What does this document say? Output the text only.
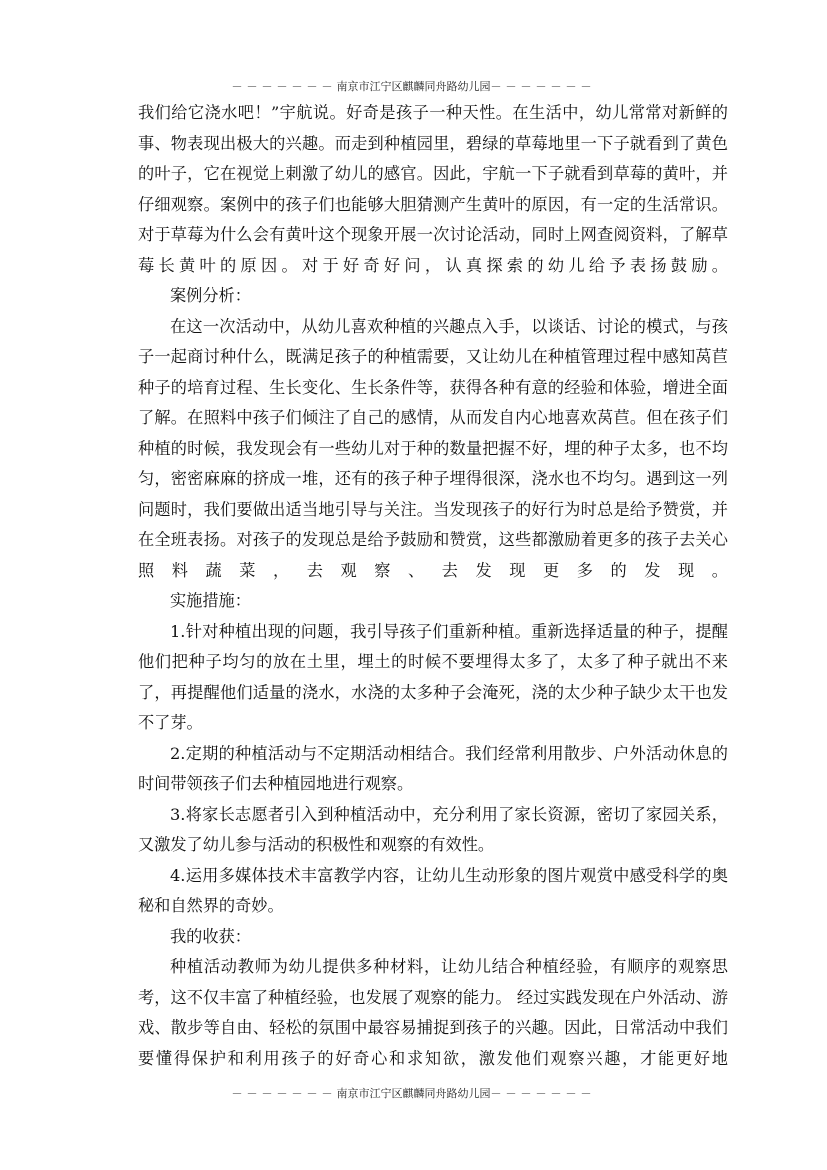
－－－－－－－南京市江宁区麒麟同舟路幼儿园－－－－－－－

我们给它浇水吧！”宇航说。好奇是孩子一种天性。在生活中，幼儿常常对新鲜的事、物表现出极大的兴趣。而走到种植园里，碧绿的草莓地里一下子就看到了黄色的叶子，它在视觉上刺激了幼儿的感官。因此，宇航一下子就看到草莓的黄叶，并仔细观察。案例中的孩子们也能够大胆猜测产生黄叶的原因，有一定的生活常识。对于草莓为什么会有黄叶这个现象开展一次讨论活动，同时上网查阅资料，了解草莓长黄叶的原因。对于好奇好问，认真探索的幼儿给予表扬鼓励。

案例分析：

在这一次活动中，从幼儿喜欢种植的兴趣点入手，以谈话、讨论的模式，与孩子一起商讨种什么，既满足孩子的种植需要，又让幼儿在种植管理过程中感知莴苣种子的培育过程、生长变化、生长条件等，获得各种有意的经验和体验，增进全面了解。在照料中孩子们倾注了自己的感情，从而发自内心地喜欢莴苣。但在孩子们种植的时候，我发现会有一些幼儿对于种的数量把握不好，埋的种子太多，也不均匀，密密麻麻的挤成一堆，还有的孩子种子埋得很深，浇水也不均匀。遇到这一列问题时，我们要做出适当地引导与关注。当发现孩子的好行为时总是给予赞赏，并在全班表扬。对孩子的发现总是给予鼓励和赞赏，这些都激励着更多的孩子去关心照料蔬菜，去观察、去发现更多的发现。

实施措施：

1.针对种植出现的问题，我引导孩子们重新种植。重新选择适量的种子，提醒他们把种子均匀的放在土里，埋土的时候不要埋得太多了，太多了种子就出不来了，再提醒他们适量的浇水，水浇的太多种子会淹死，浇的太少种子缺少太干也发不了芽。

2.定期的种植活动与不定期活动相结合。我们经常利用散步、户外活动休息的时间带领孩子们去种植园地进行观察。

3.将家长志愿者引入到种植活动中，充分利用了家长资源，密切了家园关系，又激发了幼儿参与活动的积极性和观察的有效性。

4.运用多媒体技术丰富教学内容，让幼儿生动形象的图片观赏中感受科学的奥秘和自然界的奇妙。

我的收获：

种植活动教师为幼儿提供多种材料，让幼儿结合种植经验，有顺序的观察思考，这不仅丰富了种植经验，也发展了观察的能力。 经过实践发现在户外活动、游戏、散步等自由、轻松的氛围中最容易捕捉到孩子的兴趣。因此，日常活动中我们要懂得保护和利用孩子的好奇心和求知欲，激发他们观察兴趣，才能更好地

－－－－－－－南京市江宁区麒麟同舟路幼儿园－－－－－－－
